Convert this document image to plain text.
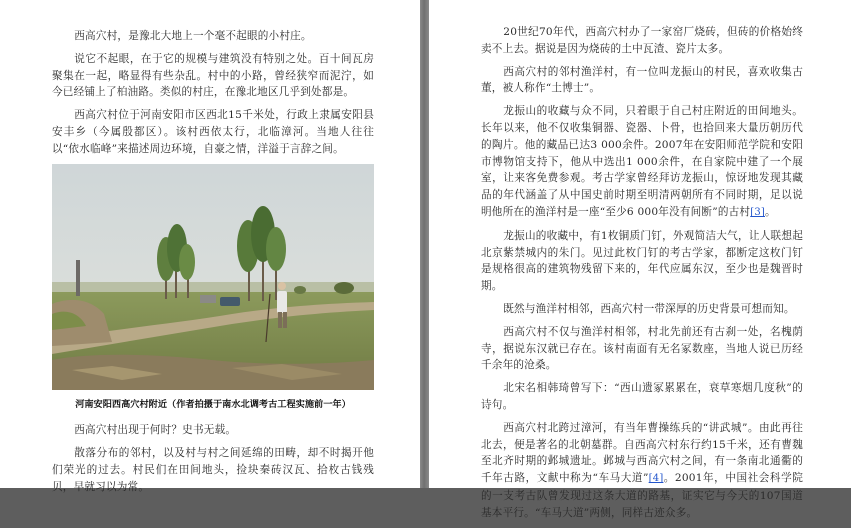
西高穴村，是豫北大地上一个毫不起眼的小村庄。

说它不起眼，在于它的规模与建筑没有特别之处。百十间瓦房聚集在一起，略显得有些杂乱。村中的小路，曾经狭窄而泥泞，如今已经铺上了柏油路。类似的村庄，在豫北地区几乎到处都是。

西高穴村位于河南安阳市区西北15千米处，行政上隶属安阳县安丰乡（今属殷都区）。该村西依太行，北临漳河。当地人往往以“依水临峰”来描述周边环境，自豪之情，洋溢于言辞之间。

河南安阳西高穴村附近（作者拍摄于南水北调考古工程实施前一年）

西高穴村出现于何时？史书无载。

散落分布的邻村，以及村与村之间延绵的田畴，却不时揭开他们荣光的过去。村民们在田间地头，捡块秦砖汉瓦、拾枚古钱残贝，早就习以为常。

20世纪70年代，西高穴村办了一家窑厂烧砖，但砖的价格始终卖不上去。据说是因为烧砖的土中瓦渣、瓷片太多。

西高穴村的邻村渔洋村，有一位叫龙振山的村民，喜欢收集古董，被人称作“土博士”。

龙振山的收藏与众不同，只着眼于自己村庄附近的田间地头。长年以来，他不仅收集铜器、瓷器、卜骨，也拾回来大量历朝历代的陶片。他的藏品已达3 000余件。2007年在安阳师范学院和安阳市博物馆支持下，他从中选出1 000余件，在自家院中建了一个展室，让来客免费参观。考古学家曾经拜访龙振山，惊讶地发现其藏品的年代涵盖了从中国史前时期至明清两朝所有不同时期，足以说明他所在的渔洋村是一座“至少6 000年没有间断”的古村[3]。

龙振山的收藏中，有1枚铜质门钉，外观简洁大气，让人联想起北京紫禁城内的朱门。见过此枚门钉的考古学家，都断定这枚门钉是规格很高的建筑物残留下来的，年代应属东汉，至少也是魏晋时期。

既然与渔洋村相邻，西高穴村一带深厚的历史背景可想而知。

西高穴村不仅与渔洋村相邻，村北先前还有古刹一处，名槐荫寺，据说东汉就已存在。该村南面有无名冢数座，当地人说已历经千余年的沧桑。

北宋名相韩琦曾写下：“西山遗冢累累在，衰草寒烟几度秋”的诗句。

西高穴村北跨过漳河，有当年曹操练兵的“讲武城”。由此再往北去，便是著名的北朝墓群。自西高穴村东行约15千米，还有曹魏至北齐时期的邺城遗址。邺城与西高穴村之间，有一条南北通衢的千年古路，文献中称为“车马大道”[4]。2001年，中国社会科学院的一支考古队曾发现过这条大道的路基，证实它与今天的107国道基本平行。“车马大道”两侧，同样古迹众多。
